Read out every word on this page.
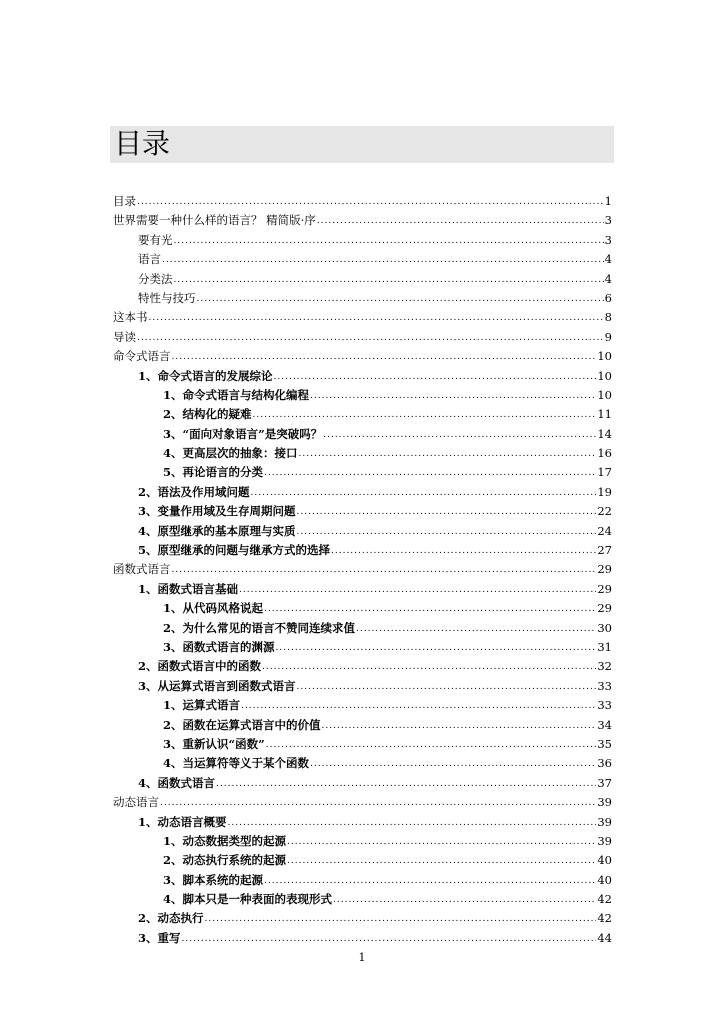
目录
目录 .....	1
世界需要一种什么样的语言？ 精简版·序 .....	3
要有光 .....	3
语言 .....	4
分类法 .....	4
特性与技巧 .....	6
这本书 .....	8
导读 .....	9
命令式语言 .....	10
1、命令式语言的发展综论 .....	10
1、命令式语言与结构化编程 .....	10
2、结构化的疑难 .....	11
3、“面向对象语言”是突破吗？ .....	14
4、更高层次的抽象：接口 .....	16
5、再论语言的分类 .....	17
2、语法及作用域问题 .....	19
3、变量作用域及生存周期问题 .....	22
4、原型继承的基本原理与实质 .....	24
5、原型继承的问题与继承方式的选择 .....	27
函数式语言 .....	29
1、函数式语言基础 .....	29
1、从代码风格说起 .....	29
2、为什么常见的语言不赞同连续求值 .....	30
3、函数式语言的渊源 .....	31
2、函数式语言中的函数 .....	32
3、从运算式语言到函数式语言 .....	33
1、运算式语言 .....	33
2、函数在运算式语言中的价值 .....	34
3、重新认识“函数” .....	35
4、当运算符等义于某个函数 .....	36
4、函数式语言 .....	37
动态语言 .....	39
1、动态语言概要 .....	39
1、动态数据类型的起源 .....	39
2、动态执行系统的起源 .....	40
3、脚本系统的起源 .....	40
4、脚本只是一种表面的表现形式 .....	42
2、动态执行 .....	42
3、重写 .....	44
1
